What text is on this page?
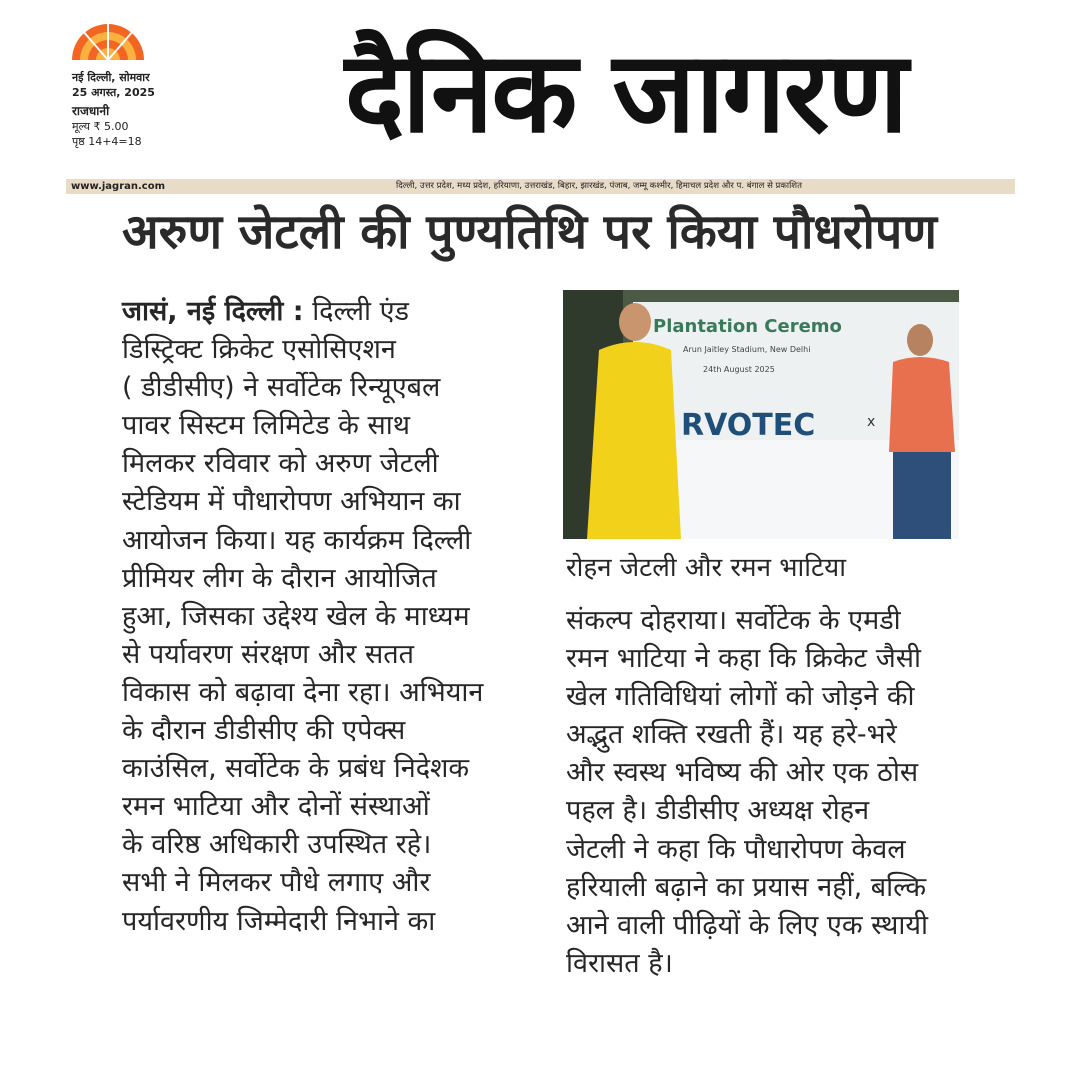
नई दिल्ली, सोमवार
25 अगस्त, 2025
राजधानी
मूल्य ₹ 5.00
पृष्ठ 14+4=18	दैनिक जागरण
www.jagran.com	दिल्ली, उत्तर प्रदेश, मध्य प्रदेश, हरियाणा, उत्तराखंड, बिहार, झारखंड, पंजाब, जम्मू कश्मीर, हिमाचल प्रदेश और प. बंगाल से प्रकाशित
अरुण जेटली की पुण्यतिथि पर किया पौधरोपण
जासं, नई दिल्ली : दिल्ली एंड
डिस्ट्रिक्ट क्रिकेट एसोसिएशन
( डीडीसीए) ने सर्वोटेक रिन्यूएबल
पावर सिस्टम लिमिटेड के साथ
मिलकर रविवार को अरुण जेटली
स्टेडियम में पौधारोपण अभियान का
आयोजन किया। यह कार्यक्रम दिल्ली
प्रीमियर लीग के दौरान आयोजित
हुआ, जिसका उद्देश्य खेल के माध्यम
से पर्यावरण संरक्षण और सतत
विकास को बढ़ावा देना रहा। अभियान
के दौरान डीडीसीए की एपेक्स
काउंसिल, सर्वोटेक के प्रबंध निदेशक
रमन भाटिया और दोनों संस्थाओं
के वरिष्ठ अधिकारी उपस्थित रहे।
सभी ने मिलकर पौधे लगाए और
पर्यावरणीय जिम्मेदारी निभाने का
Plantation Ceremo
Arun Jaitley Stadium, New Delhi
24th August 2025
RVOTEC	x
रोहन जेटली और रमन भाटिया
संकल्प दोहराया। सर्वोटेक के एमडी
रमन भाटिया ने कहा कि क्रिकेट जैसी
खेल गतिविधियां लोगों को जोड़ने की
अद्भुत शक्ति रखती हैं। यह हरे-भरे
और स्वस्थ भविष्य की ओर एक ठोस
पहल है। डीडीसीए अध्यक्ष रोहन
जेटली ने कहा कि पौधारोपण केवल
हरियाली बढ़ाने का प्रयास नहीं, बल्कि
आने वाली पीढ़ियों के लिए एक स्थायी
विरासत है।
